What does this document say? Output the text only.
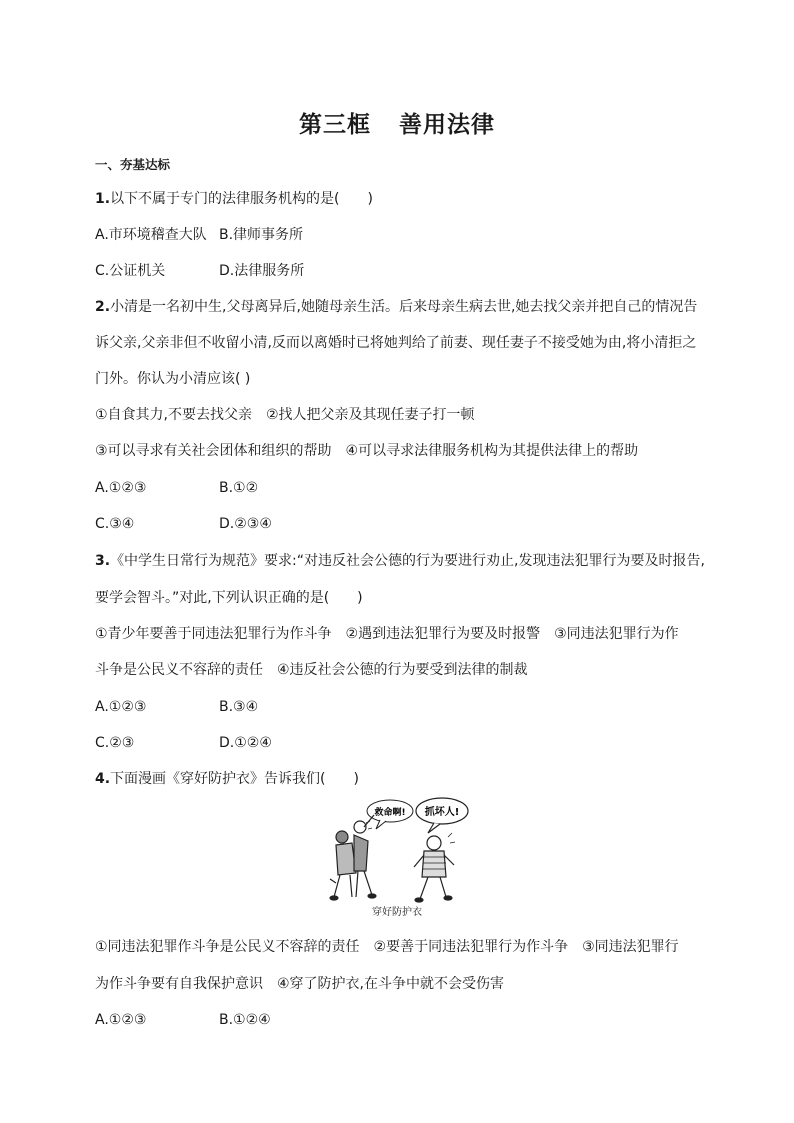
第三框 善用法律
一、夯基达标
1.以下不属于专门的法律服务机构的是(　　)
A.市环境稽查大队 B.律师事务所
C.公证机关	D.法律服务所
2.小清是一名初中生,父母离异后,她随母亲生活。后来母亲生病去世,她去找父亲并把自己的情况告
诉父亲,父亲非但不收留小清,反而以离婚时已将她判给了前妻、现任妻子不接受她为由,将小清拒之
门外。你认为小清应该( )
①自食其力,不要去找父亲　②找人把父亲及其现任妻子打一顿
③可以寻求有关社会团体和组织的帮助　④可以寻求法律服务机构为其提供法律上的帮助
A.①②③	B.①②
C.③④	D.②③④
3.《中学生日常行为规范》要求:“对违反社会公德的行为要进行劝止,发现违法犯罪行为要及时报告,
要学会智斗。”对此,下列认识正确的是(　　)
①青少年要善于同违法犯罪行为作斗争　②遇到违法犯罪行为要及时报警　③同违法犯罪行为作
斗争是公民义不容辞的责任　④违反社会公德的行为要受到法律的制裁
A.①②③	B.③④
C.②③	D.①②④
4.下面漫画《穿好防护衣》告诉我们(　　)
救命啊! 抓坏人!
穿好防护衣
①同违法犯罪作斗争是公民义不容辞的责任　②要善于同违法犯罪行为作斗争　③同违法犯罪行
为作斗争要有自我保护意识　④穿了防护衣,在斗争中就不会受伤害
A.①②③	B.①②④
